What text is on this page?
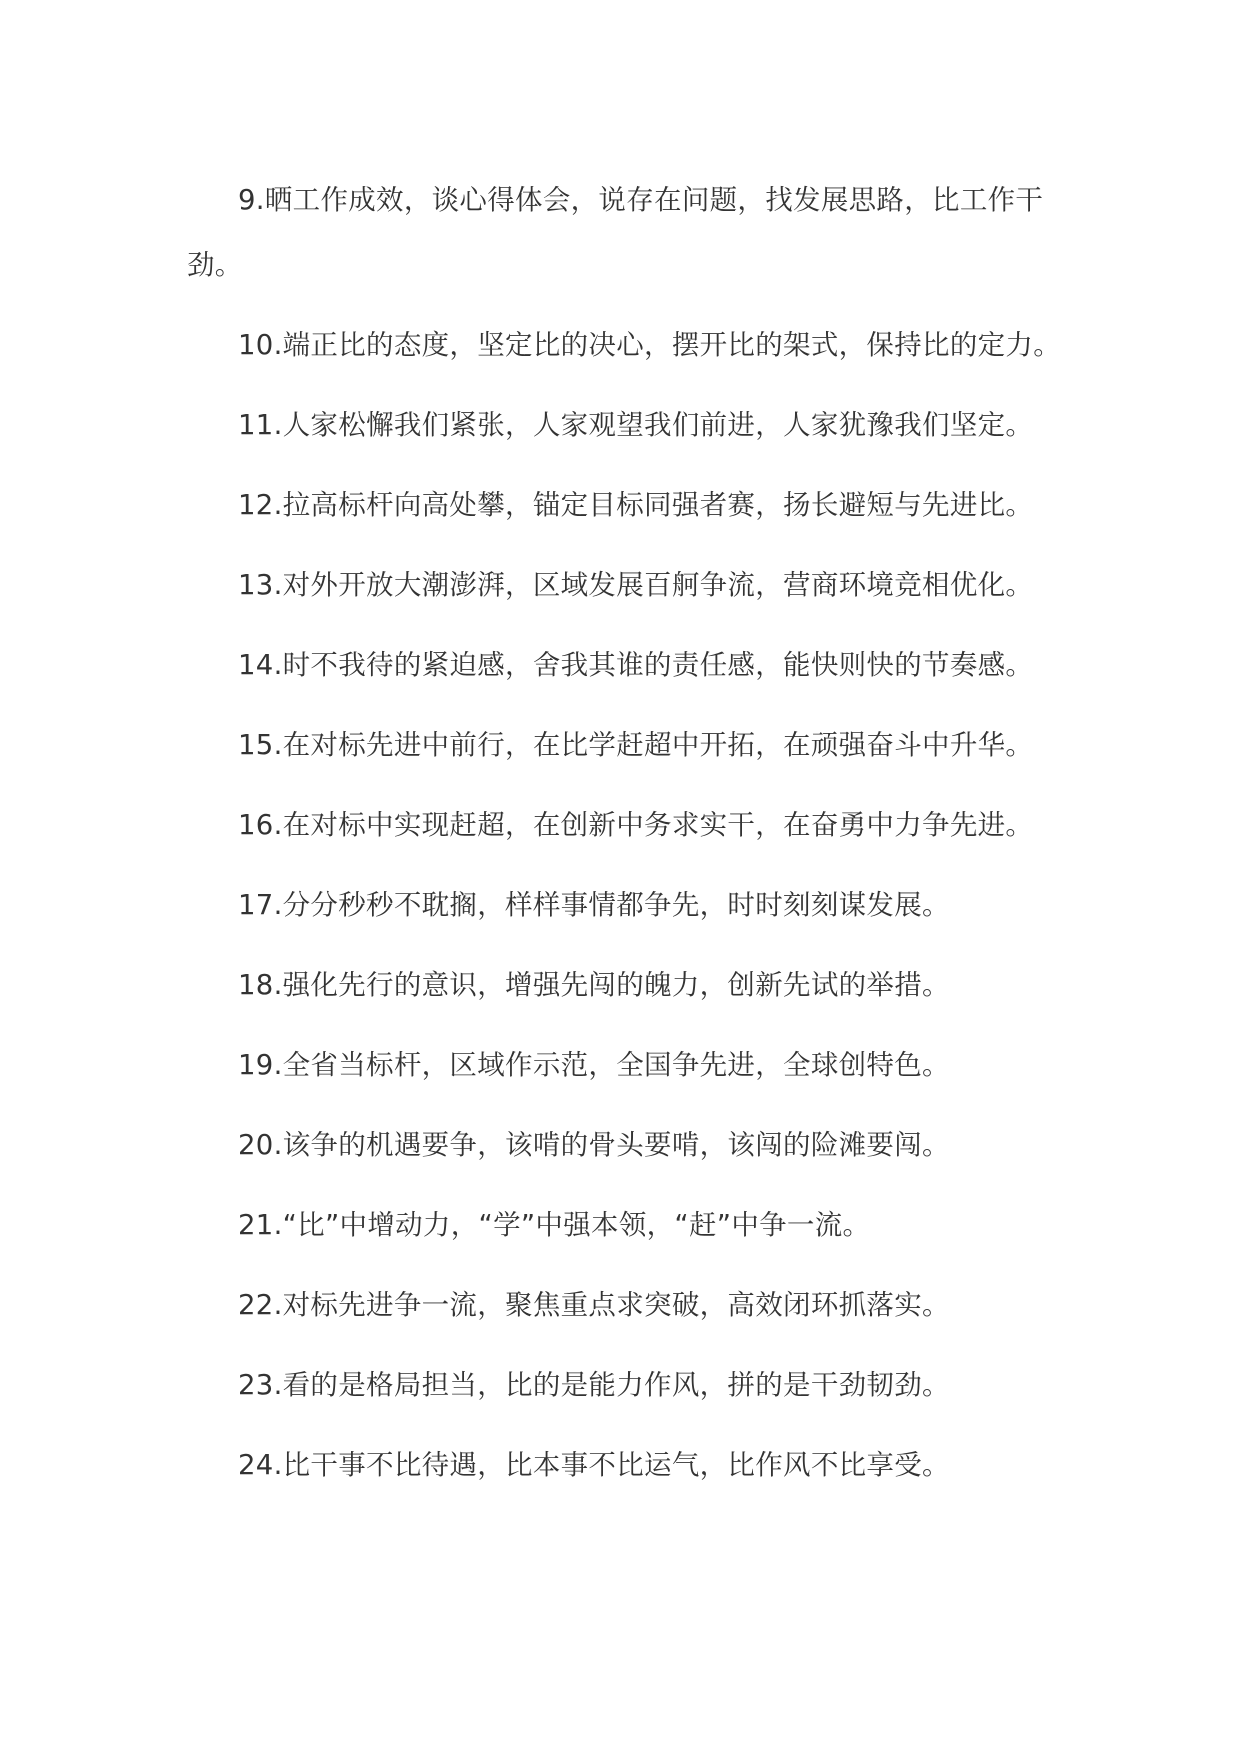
9.晒工作成效，谈心得体会，说存在问题，找发展思路，比工作干劲。

10.端正比的态度，坚定比的决心，摆开比的架式，保持比的定力。

11.人家松懈我们紧张，人家观望我们前进，人家犹豫我们坚定。

12.拉高标杆向高处攀，锚定目标同强者赛，扬长避短与先进比。

13.对外开放大潮澎湃，区域发展百舸争流，营商环境竞相优化。

14.时不我待的紧迫感，舍我其谁的责任感，能快则快的节奏感。

15.在对标先进中前行，在比学赶超中开拓，在顽强奋斗中升华。

16.在对标中实现赶超，在创新中务求实干，在奋勇中力争先进。

17.分分秒秒不耽搁，样样事情都争先，时时刻刻谋发展。

18.强化先行的意识，增强先闯的魄力，创新先试的举措。

19.全省当标杆，区域作示范，全国争先进，全球创特色。

20.该争的机遇要争，该啃的骨头要啃，该闯的险滩要闯。

21.“比”中增动力，“学”中强本领，“赶”中争一流。

22.对标先进争一流，聚焦重点求突破，高效闭环抓落实。

23.看的是格局担当，比的是能力作风，拼的是干劲韧劲。

24.比干事不比待遇，比本事不比运气，比作风不比享受。
